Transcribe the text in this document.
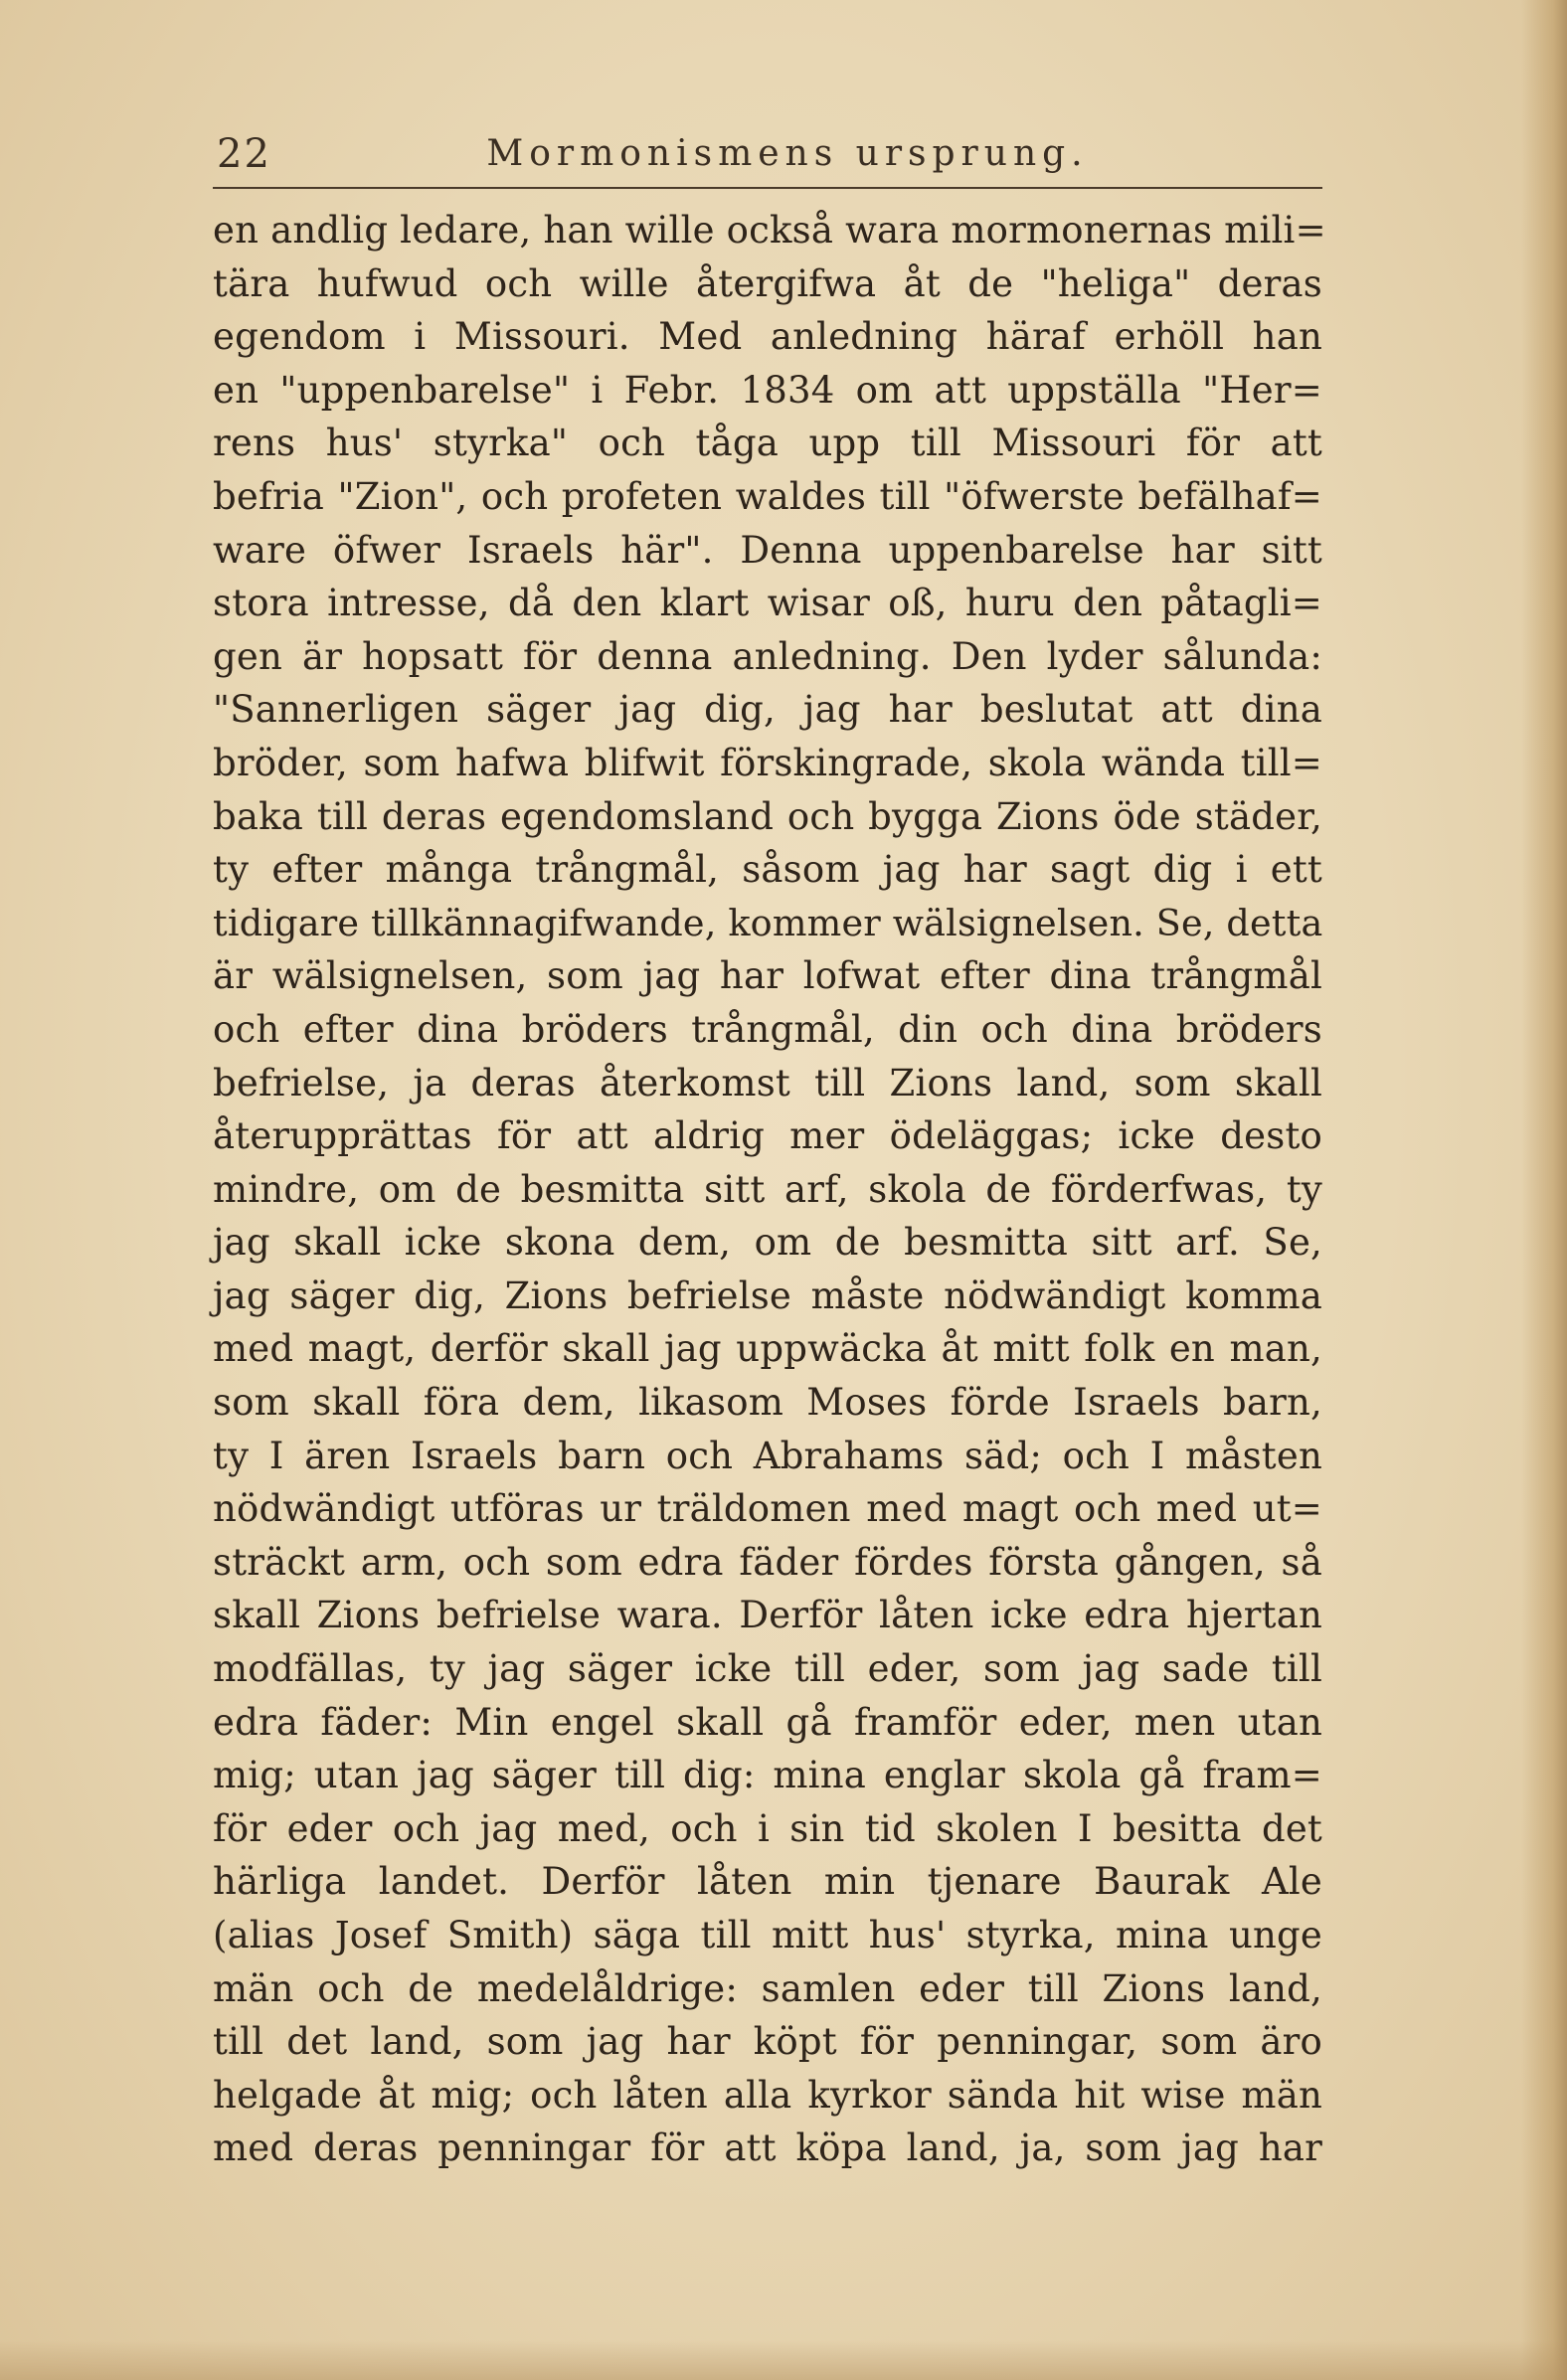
22	Mormonismens ursprung.
en andlig ledare, han wille också wara mormonernas mili=
tära hufwud och wille återgifwa åt de "heliga" deras
egendom i Missouri. Med anledning häraf erhöll han
en "uppenbarelse" i Febr. 1834 om att uppställa "Her=
rens hus' styrka" och tåga upp till Missouri för att
befria "Zion", och profeten waldes till "öfwerste befälhaf=
ware öfwer Israels här". Denna uppenbarelse har sitt
stora intresse, då den klart wisar oß, huru den påtagli=
gen är hopsatt för denna anledning. Den lyder sålunda:
"Sannerligen säger jag dig, jag har beslutat att dina
bröder, som hafwa blifwit förskingrade, skola wända till=
baka till deras egendomsland och bygga Zions öde städer,
ty efter många trångmål, såsom jag har sagt dig i ett
tidigare tillkännagifwande, kommer wälsignelsen. Se, detta
är wälsignelsen, som jag har lofwat efter dina trångmål
och efter dina bröders trångmål, din och dina bröders
befrielse, ja deras återkomst till Zions land, som skall
återupprättas för att aldrig mer ödeläggas; icke desto
mindre, om de besmitta sitt arf, skola de förderfwas, ty
jag skall icke skona dem, om de besmitta sitt arf. Se,
jag säger dig, Zions befrielse måste nödwändigt komma
med magt, derför skall jag uppwäcka åt mitt folk en man,
som skall föra dem, likasom Moses förde Israels barn,
ty I ären Israels barn och Abrahams säd; och I måsten
nödwändigt utföras ur träldomen med magt och med ut=
sträckt arm, och som edra fäder fördes första gången, så
skall Zions befrielse wara. Derför låten icke edra hjertan
modfällas, ty jag säger icke till eder, som jag sade till
edra fäder: Min engel skall gå framför eder, men utan
mig; utan jag säger till dig: mina englar skola gå fram=
för eder och jag med, och i sin tid skolen I besitta det
härliga landet. Derför låten min tjenare Baurak Ale
(alias Josef Smith) säga till mitt hus' styrka, mina unge
män och de medelåldrige: samlen eder till Zions land,
till det land, som jag har köpt för penningar, som äro
helgade åt mig; och låten alla kyrkor sända hit wise män
med deras penningar för att köpa land, ja, som jag har
